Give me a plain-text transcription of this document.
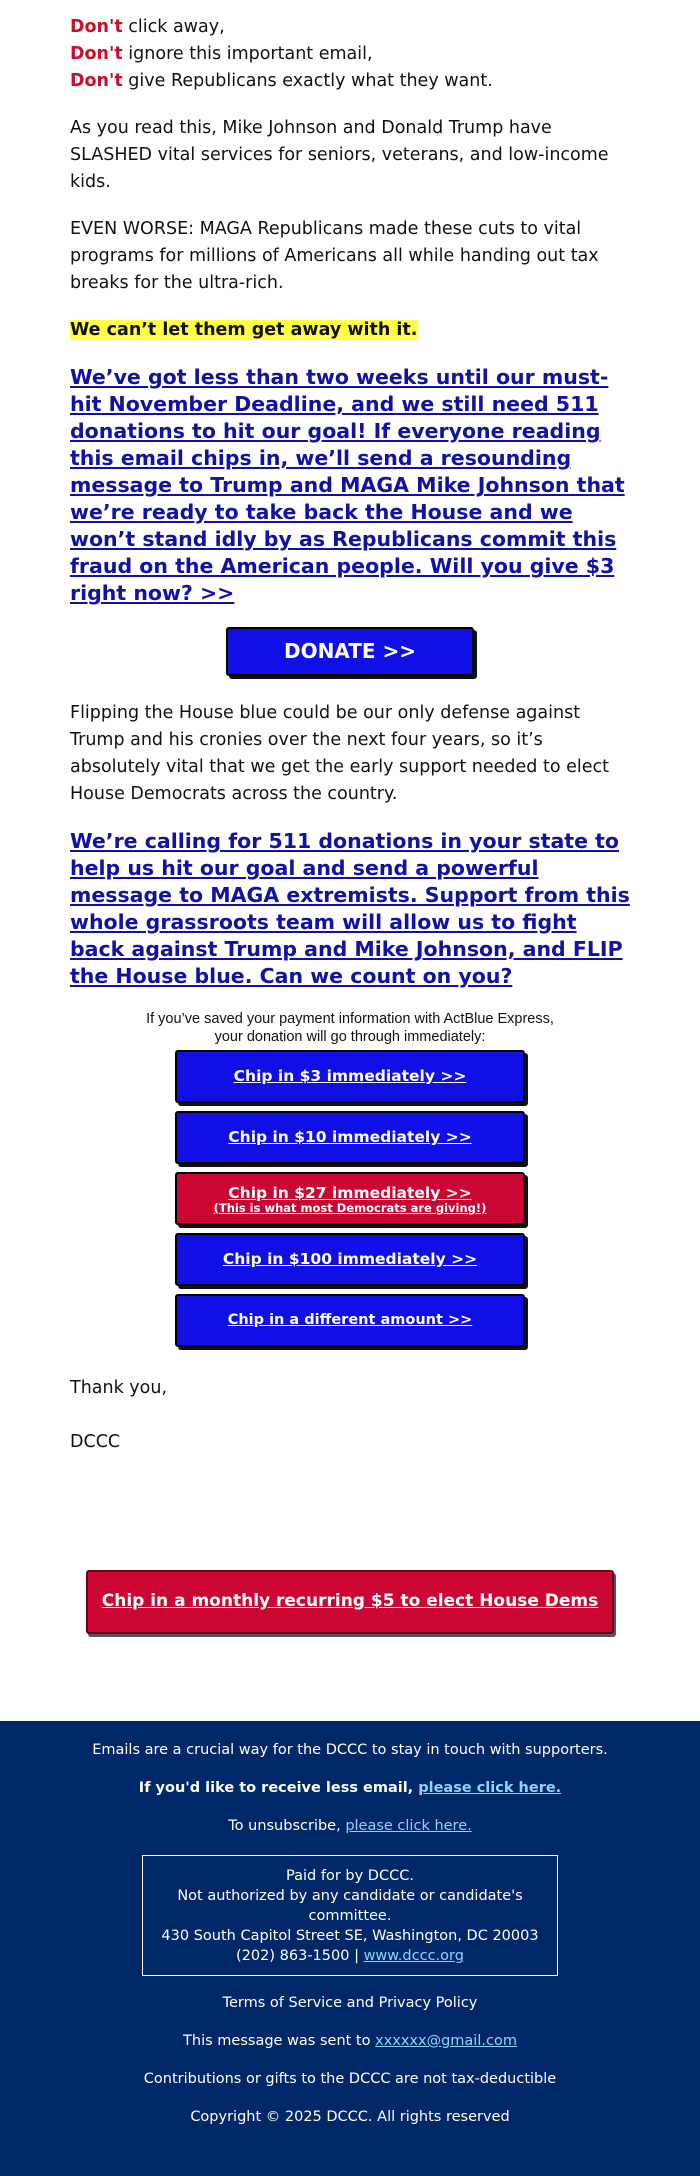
Don't click away,
Don't ignore this important email,
Don't give Republicans exactly what they want.

As you read this, Mike Johnson and Donald Trump have SLASHED vital services for seniors, veterans, and low-income kids.

EVEN WORSE: MAGA Republicans made these cuts to vital programs for millions of Americans all while handing out tax breaks for the ultra-rich.

We can’t let them get away with it.

We’ve got less than two weeks until our must-hit November Deadline, and we still need 511 donations to hit our goal! If everyone reading this email chips in, we’ll send a resounding message to Trump and MAGA Mike Johnson that we’re ready to take back the House and we won’t stand idly by as Republicans commit this fraud on the American people. Will you give $3 right now? >>
DONATE >>

Flipping the House blue could be our only defense against Trump and his cronies over the next four years, so it’s absolutely vital that we get the early support needed to elect House Democrats across the country.

We’re calling for 511 donations in your state to help us hit our goal and send a powerful message to MAGA extremists. Support from this whole grassroots team will allow us to fight back against Trump and Mike Johnson, and FLIP the House blue. Can we count on you?

If you’ve saved your payment information with ActBlue Express,
your donation will go through immediately:

Chip in $3 immediately >>
Chip in $10 immediately >>
Chip in $27 immediately >>
(This is what most Democrats are giving!)
Chip in $100 immediately >>
Chip in a different amount >>

Thank you,

DCCC

Chip in a monthly recurring $5 to elect House Dems >>

Emails are a crucial way for the DCCC to stay in touch with supporters.

If you'd like to receive less email, please click here.

To unsubscribe, please click here.

Paid for by DCCC.

Not authorized by any candidate or candidate's committee.

430 South Capitol Street SE, Washington, DC 20003

(202) 863-1500 | www.dccc.org

Terms of Service and Privacy Policy

This message was sent to xxxxxx@gmail.com

Contributions or gifts to the DCCC are not tax-deductible

Copyright © 2025 DCCC. All rights reserved
